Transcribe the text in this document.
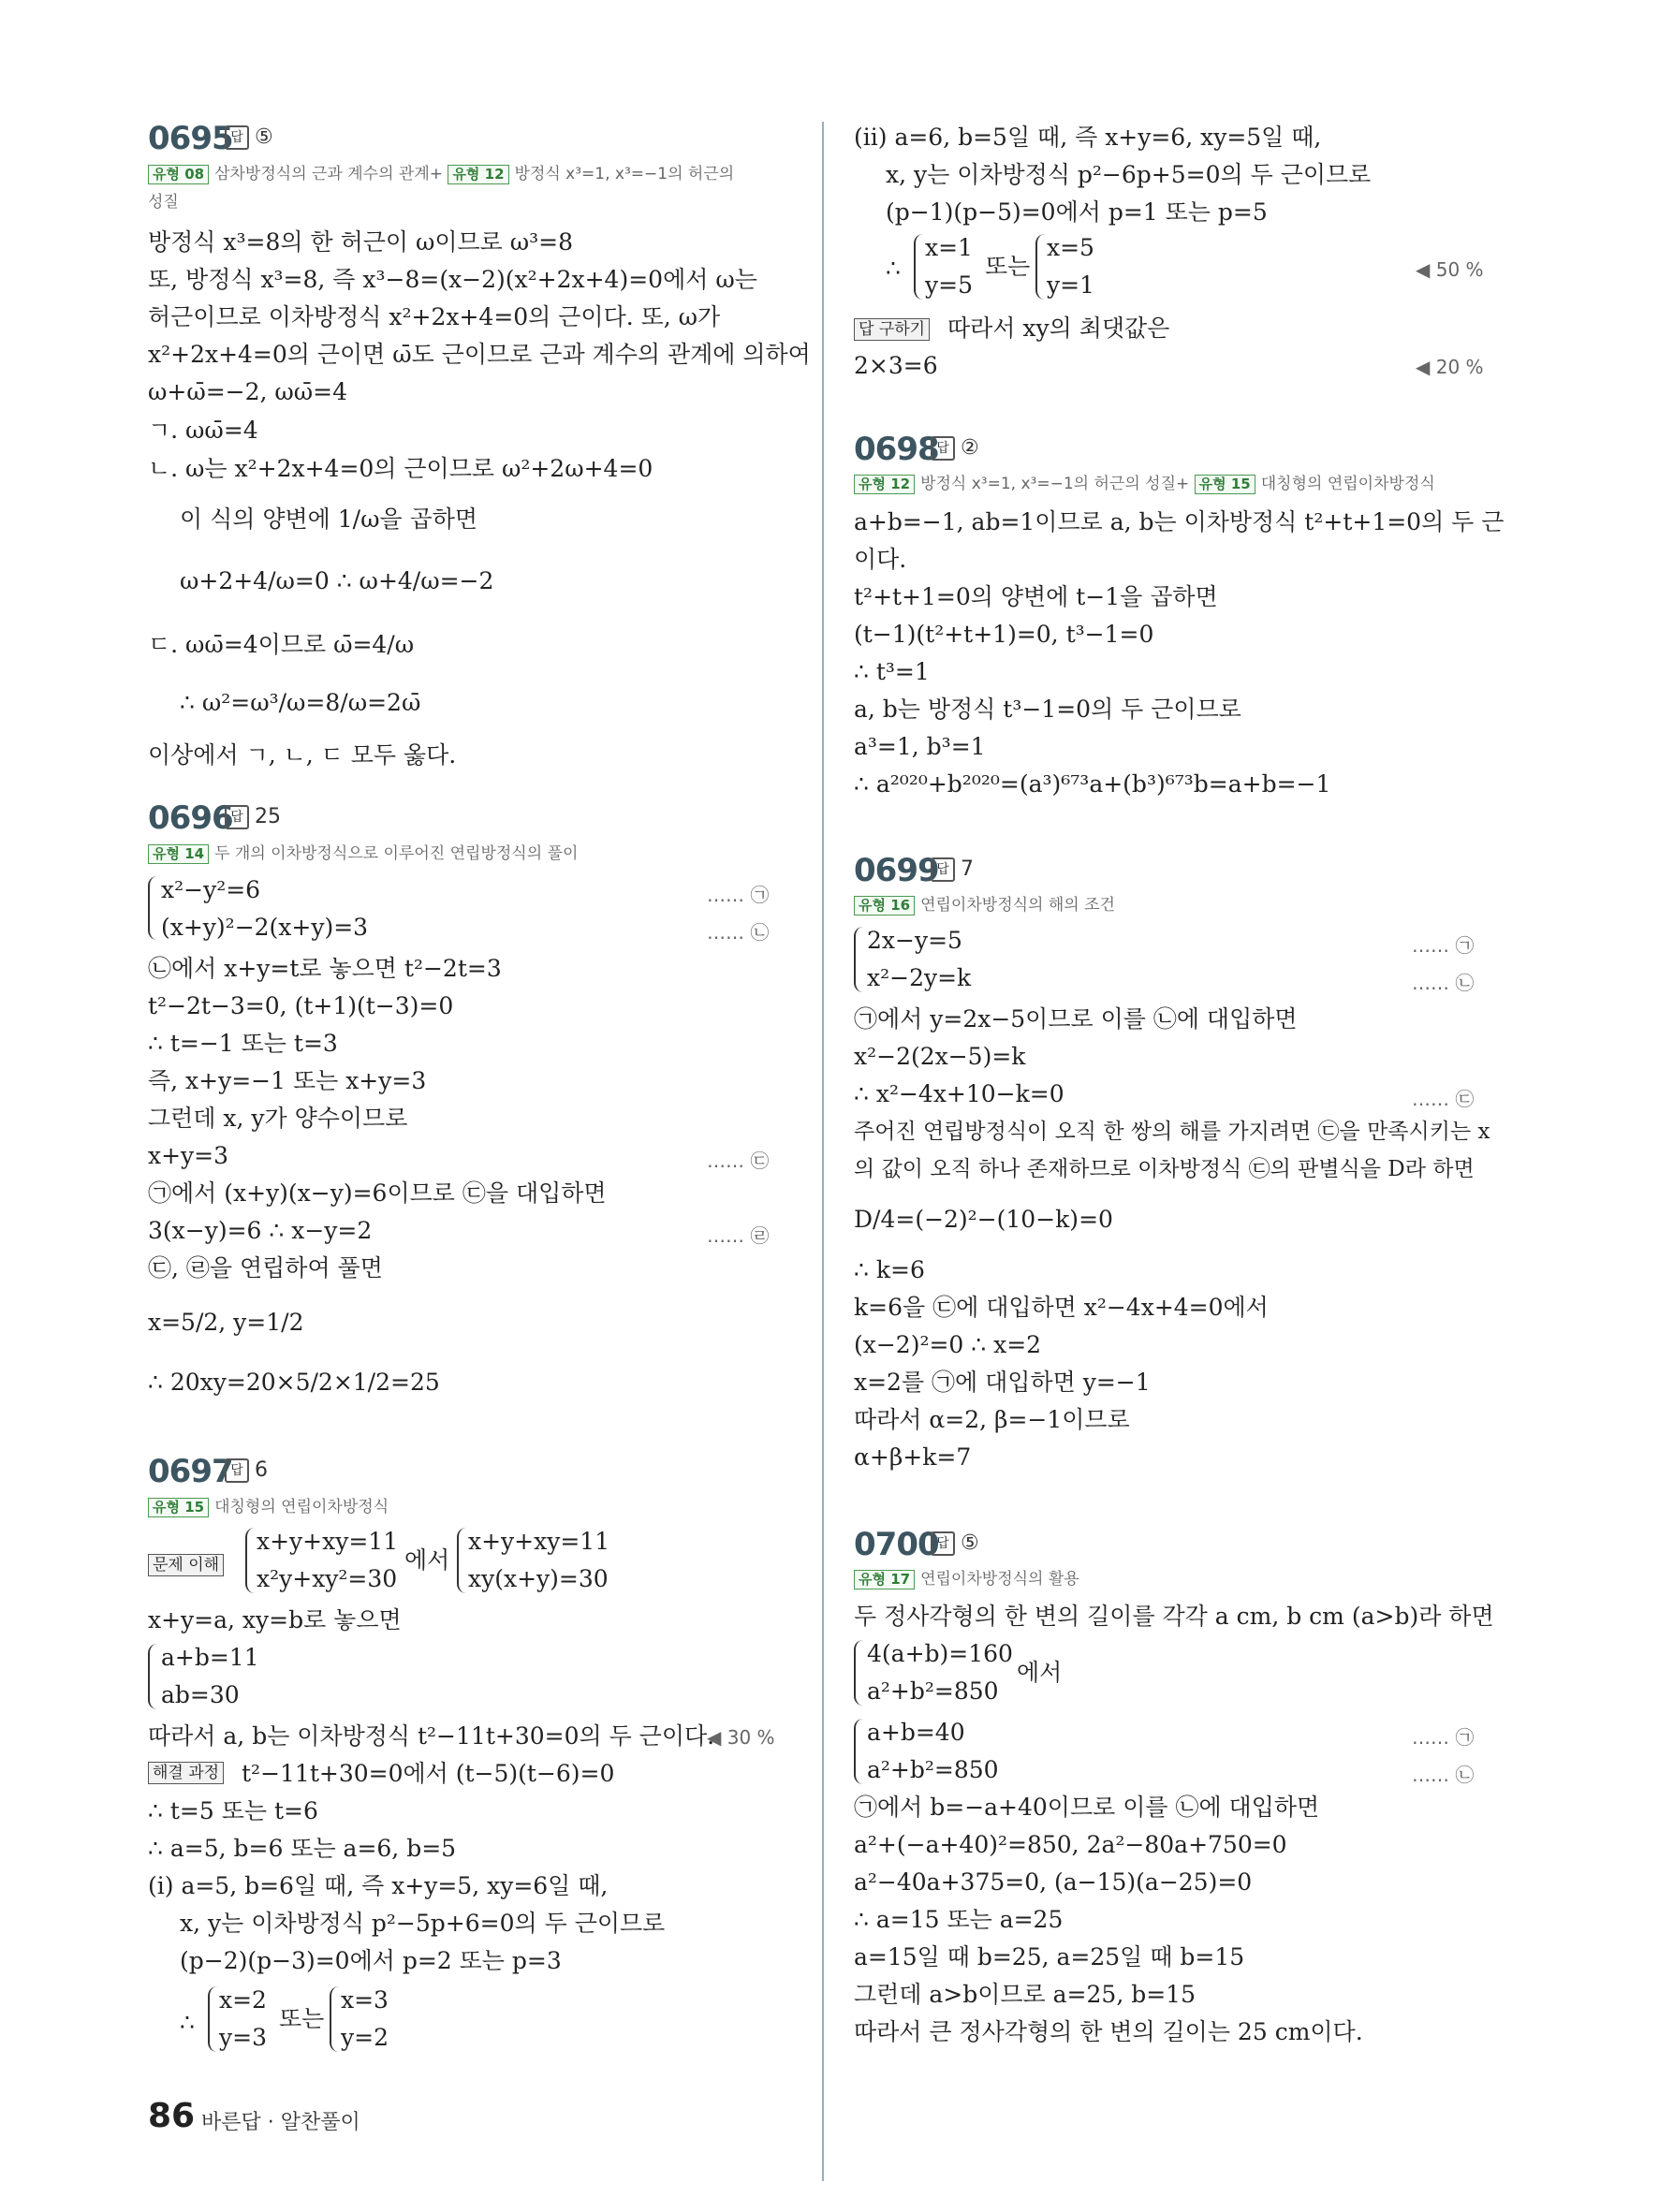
0695
답 ⑤
유형 08 삼차방정식의 근과 계수의 관계+ 유형 12 방정식 x³=1, x³=−1의 허근의
성질
방정식 x³=8의 한 허근이 ω이므로 ω³=8
또, 방정식 x³=8, 즉 x³−8=(x−2)(x²+2x+4)=0에서 ω는
허근이므로 이차방정식 x²+2x+4=0의 근이다. 또, ω가
x²+2x+4=0의 근이면 ω̄도 근이므로 근과 계수의 관계에 의하여
ω+ω̄=−2, ωω̄=4
ㄱ. ωω̄=4
ㄴ. ω는 x²+2x+4=0의 근이므로 ω²+2ω+4=0
이 식의 양변에 1/ω을 곱하면
ω+2+4/ω=0 ∴ ω+4/ω=−2
ㄷ. ωω̄=4이므로 ω̄=4/ω
∴ ω²=ω³/ω=8/ω=2ω̄
이상에서 ㄱ, ㄴ, ㄷ 모두 옳다.
0696
답 25
유형 14 두 개의 이차방정식으로 이루어진 연립방정식의 풀이
x²−y²=6	…… ㉠
(x+y)²−2(x+y)=3	…… ㉡
㉡에서 x+y=t로 놓으면 t²−2t=3
t²−2t−3=0, (t+1)(t−3)=0
∴ t=−1 또는 t=3
즉, x+y=−1 또는 x+y=3
그런데 x, y가 양수이므로
x+y=3	…… ㉢
㉠에서 (x+y)(x−y)=6이므로 ㉢을 대입하면
3(x−y)=6 ∴ x−y=2	…… ㉣
㉢, ㉣을 연립하여 풀면
x=5/2, y=1/2
∴ 20xy=20×5/2×1/2=25
0697
답 6
유형 15 대칭형의 연립이차방정식
문제 이해
x+y+xy=11
x²y+xy²=30
에서
x+y+xy=11
xy(x+y)=30
x+y=a, xy=b로 놓으면
a+b=11
ab=30
따라서 a, b는 이차방정식 t²−11t+30=0의 두 근이다.
◀ 30 %
해결 과정 t²−11t+30=0에서 (t−5)(t−6)=0
∴ t=5 또는 t=6
∴ a=5, b=6 또는 a=6, b=5
(i) a=5, b=6일 때, 즉 x+y=5, xy=6일 때,
x, y는 이차방정식 p²−5p+6=0의 두 근이므로
(p−2)(p−3)=0에서 p=2 또는 p=3
∴
x=2
y=3
또는
x=3
y=2
(ii) a=6, b=5일 때, 즉 x+y=6, xy=5일 때,
x, y는 이차방정식 p²−6p+5=0의 두 근이므로
(p−1)(p−5)=0에서 p=1 또는 p=5
∴
x=1
y=5
또는
x=5
y=1
◀ 50 %
답 구하기 따라서 xy의 최댓값은
2×3=6	◀ 20 %
0698
답 ②
유형 12 방정식 x³=1, x³=−1의 허근의 성질+ 유형 15 대칭형의 연립이차방정식
a+b=−1, ab=1이므로 a, b는 이차방정식 t²+t+1=0의 두 근
이다.
t²+t+1=0의 양변에 t−1을 곱하면
(t−1)(t²+t+1)=0, t³−1=0
∴ t³=1
a, b는 방정식 t³−1=0의 두 근이므로
a³=1, b³=1
∴ a²⁰²⁰+b²⁰²⁰=(a³)⁶⁷³a+(b³)⁶⁷³b=a+b=−1
0699
답 7
유형 16 연립이차방정식의 해의 조건
2x−y=5	…… ㉠
x²−2y=k	…… ㉡
㉠에서 y=2x−5이므로 이를 ㉡에 대입하면
x²−2(2x−5)=k
∴ x²−4x+10−k=0	…… ㉢
주어진 연립방정식이 오직 한 쌍의 해를 가지려면 ㉢을 만족시키는 x
의 값이 오직 하나 존재하므로 이차방정식 ㉢의 판별식을 D라 하면
D/4=(−2)²−(10−k)=0
∴ k=6
k=6을 ㉢에 대입하면 x²−4x+4=0에서
(x−2)²=0 ∴ x=2
x=2를 ㉠에 대입하면 y=−1
따라서 α=2, β=−1이므로
α+β+k=7
0700
답 ⑤
유형 17 연립이차방정식의 활용
두 정사각형의 한 변의 길이를 각각 a cm, b cm (a>b)라 하면
4(a+b)=160
a²+b²=850
에서
a+b=40	…… ㉠
a²+b²=850	…… ㉡
㉠에서 b=−a+40이므로 이를 ㉡에 대입하면
a²+(−a+40)²=850, 2a²−80a+750=0
a²−40a+375=0, (a−15)(a−25)=0
∴ a=15 또는 a=25
a=15일 때 b=25, a=25일 때 b=15
그런데 a>b이므로 a=25, b=15
따라서 큰 정사각형의 한 변의 길이는 25 cm이다.
86 바른답 · 알찬풀이
